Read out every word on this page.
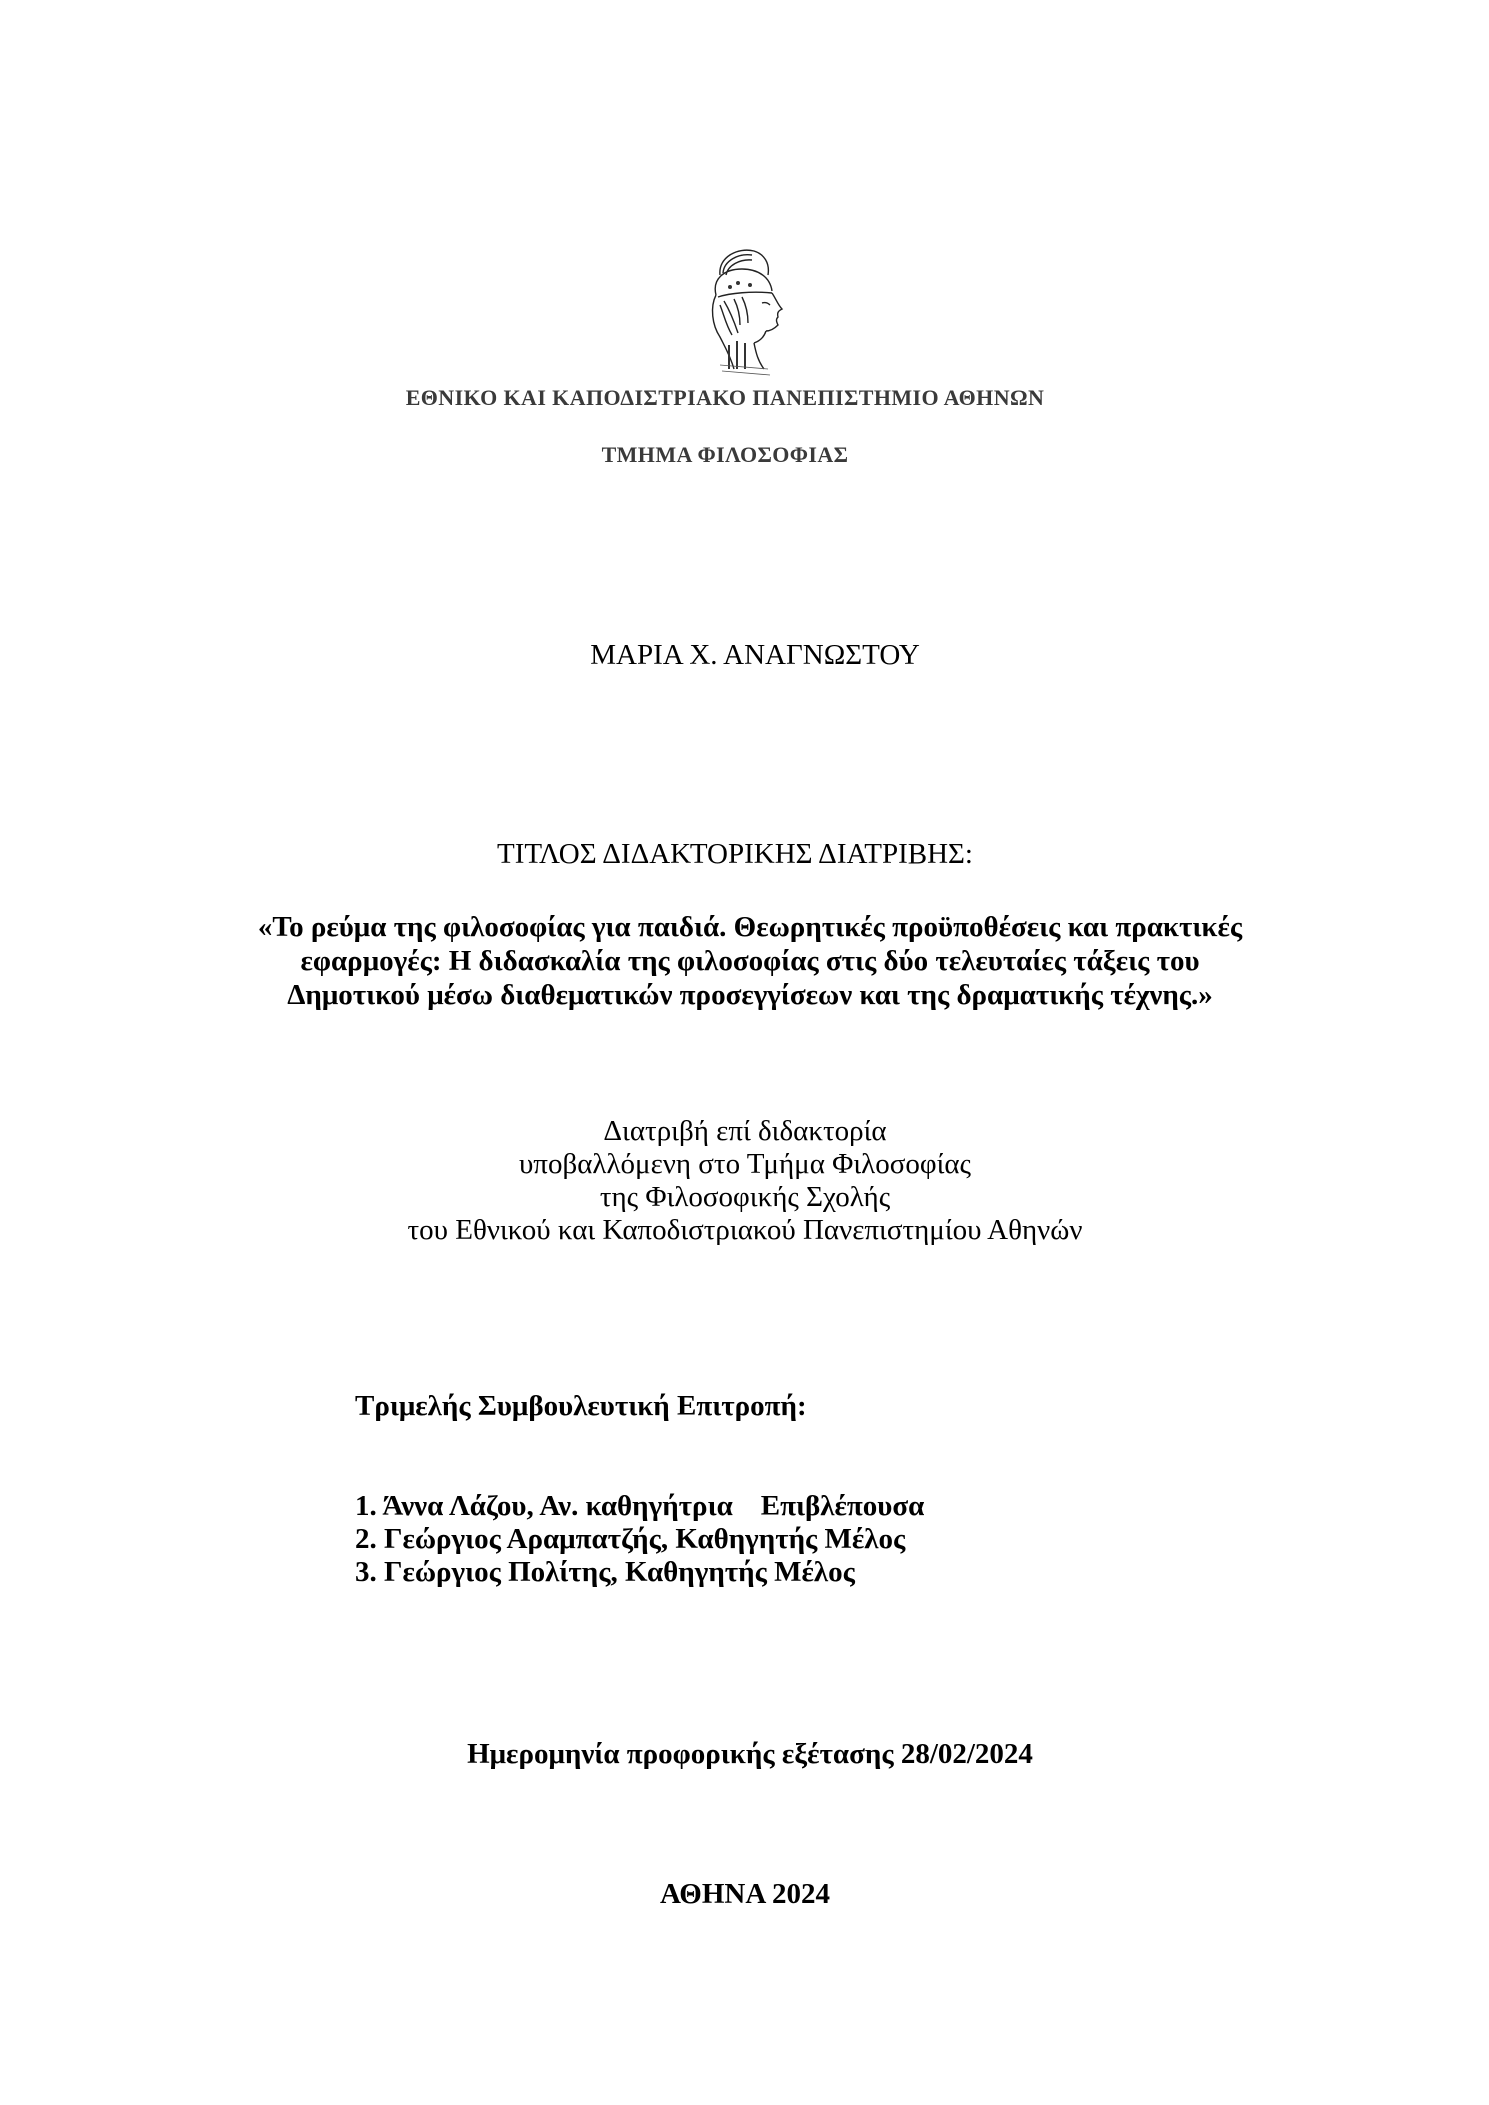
ΕΘΝΙΚΟ ΚΑΙ ΚΑΠΟΔΙΣΤΡΙΑΚΟ ΠΑΝΕΠΙΣΤΗΜΙΟ ΑΘΗΝΩΝ
ΤΜΗΜΑ ΦΙΛΟΣΟΦΙΑΣ
ΜΑΡΙΑ Χ. ΑΝΑΓΝΩΣΤΟΥ
ΤΙΤΛΟΣ ΔΙΔΑΚΤΟΡΙΚΗΣ ΔΙΑΤΡΙΒΗΣ:
«Το ρεύμα της φιλοσοφίας για παιδιά. Θεωρητικές προϋποθέσεις και πρακτικές
εφαρμογές: Η διδασκαλία της φιλοσοφίας στις δύο τελευταίες τάξεις του
Δημοτικού μέσω διαθεματικών προσεγγίσεων και της δραματικής τέχνης.»
Διατριβή επί διδακτορία
υποβαλλόμενη στο Τμήμα Φιλοσοφίας
της Φιλοσοφικής Σχολής
του Εθνικού και Καποδιστριακού Πανεπιστημίου Αθηνών
Τριμελής Συμβουλευτική Επιτροπή:
1. Άννα Λάζου, Αν. καθηγήτρια Επιβλέπουσα
2. Γεώργιος Αραμπατζής, Καθηγητής Μέλος
3. Γεώργιος Πολίτης, Καθηγητής Μέλος
Ημερομηνία προφορικής εξέτασης 28/02/2024
ΑΘΗΝΑ 2024
